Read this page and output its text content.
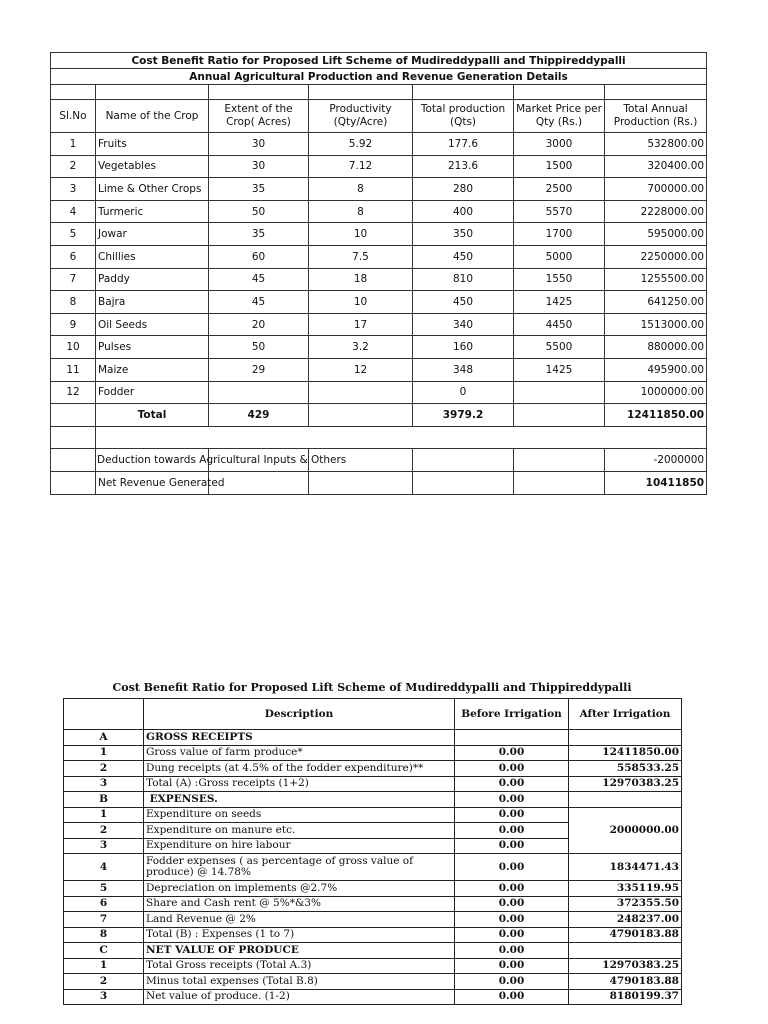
Cost Benefit Ratio for Proposed Lift Scheme of Mudireddypalli and Thippireddypalli						
Annual Agricultural Production and Revenue Generation Details						

Sl.No	Name of the Crop	Extent of the Crop( Acres)	Productivity (Qty/Acre)	Total production (Qts)	Market Price per Qty (Rs.)	Total Annual Production (Rs.)
1	Fruits	30	5.92	177.6	3000	532800.00
2	Vegetables	30	7.12	213.6	1500	320400.00
3	Lime & Other Crops	35	8	280	2500	700000.00
4	Turmeric	50	8	400	5570	2228000.00
5	Jowar	35	10	350	1700	595000.00
6	Chillies	60	7.5	450	5000	2250000.00
7	Paddy	45	18	810	1550	1255500.00
8	Bajra	45	10	450	1425	641250.00
9	Oil Seeds	20	17	340	4450	1513000.00
10	Pulses	50	3.2	160	5500	880000.00
11	Maize	29	12	348	1425	495900.00
12	Fodder			0		1000000.00
	Total	429		3979.2		12411850.00

	Deduction towards Agricultural Inputs & Others					-2000000
	Net Revenue Generated					10411850
Cost Benefit Ratio for Proposed Lift Scheme of Mudireddypalli and Thippireddypalli
	Description	Before Irrigation	After Irrigation
A	GROSS RECEIPTS		
1	Gross value of farm produce*	0.00	12411850.00
2	Dung receipts (at 4.5% of the fodder expenditure)**	0.00	558533.25
3	Total (A) :Gross receipts (1+2)	0.00	12970383.25
B	EXPENSES.	0.00	
1	Expenditure on seeds	0.00	2000000.00
2	Expenditure on manure etc.	0.00	
3	Expenditure on hire labour	0.00	
4	Fodder expenses ( as percentage of gross value of produce) @ 14.78%	0.00	1834471.43
5	Depreciation on implements @2.7%	0.00	335119.95
6	Share and Cash rent @ 5%*&3%	0.00	372355.50
7	Land Revenue @ 2%	0.00	248237.00
8	Total (B) : Expenses (1 to 7)	0.00	4790183.88
C	NET VALUE OF PRODUCE	0.00	
1	Total Gross receipts (Total A.3)	0.00	12970383.25
2	Minus total expenses (Total B.8)	0.00	4790183.88
3	Net value of produce. (1-2)	0.00	8180199.37
